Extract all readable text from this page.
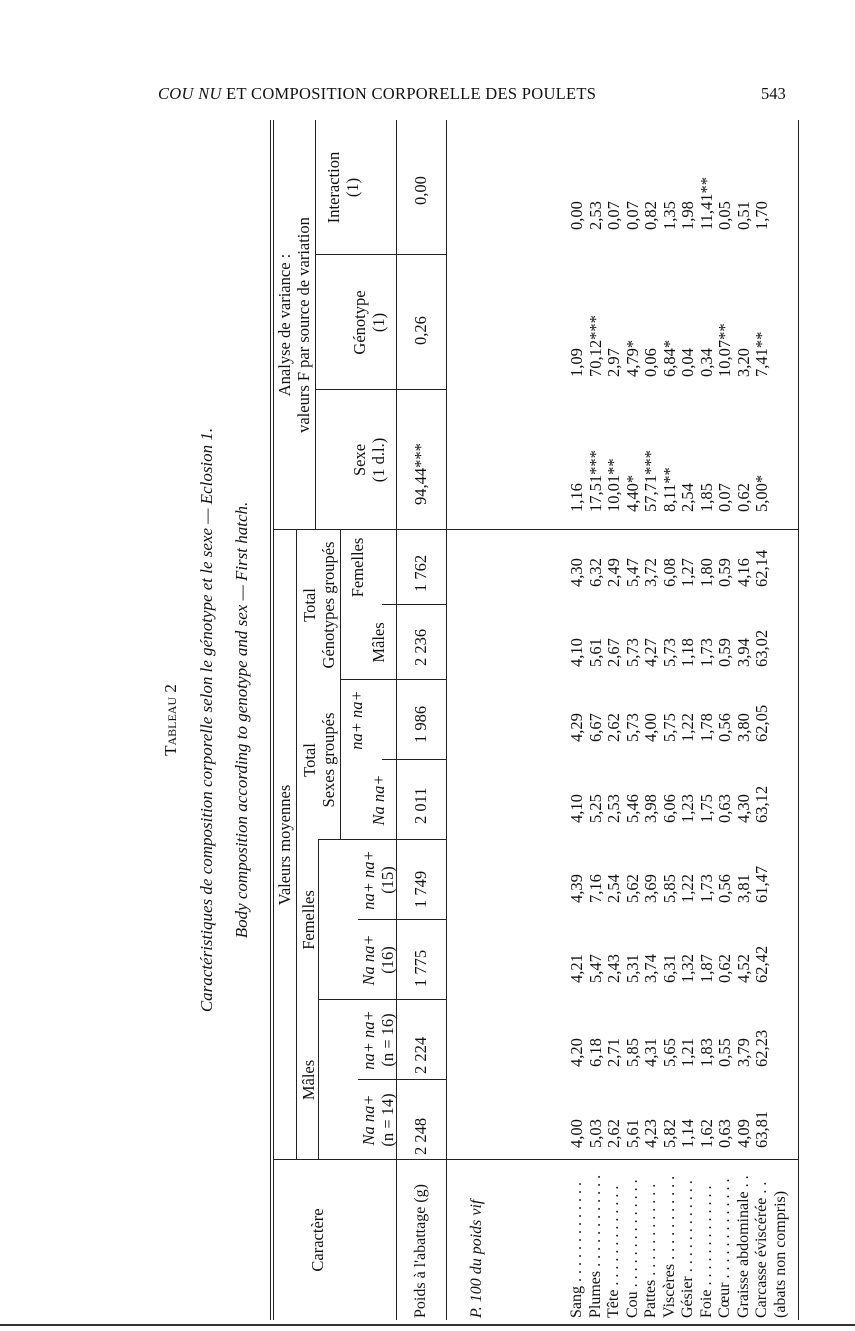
COU NU ET COMPOSITION CORPORELLE DES POULETS	543
Tableau 2 Caractéristiques de composition corporelle selon le génotype et le sexe — Eclosion 1. Body composition according to genotype and sex — First hatch.
Caractère
Valeurs moyennes
Mâles
Femelles
Total Sexes groupés
Total Génotypes groupés
Analyse de variance : valeurs F par source de variation
Na na+ (n = 14)
na+ na+ (n = 16)
Na na+ (16)
na+ na+ (15)
Na na+
na+ na+
Mâles
Femelles
Sexe (1 d.l.)
Génotype (1)
Interaction (1)
Poids à l'abattage (g)
2 248
2 224
1 775
1 749
2 011
1 986
2 236
1 762
94,44***
0,26
0,00
P. 100 du poids vif	Sang . . . . . . . . . . . . . Plumes . . . . . . . . . . . . Tête . . . . . . . . . . . . . Cou . . . . . . . . . . . . . . Pattes . . . . . . . . . . . . Viscères . . . . . . . . . . . Gésier . . . . . . . . . . . . Foie . . . . . . . . . . . . . Cœur . . . . . . . . . . . . . Graisse abdominale . . Carcasse éviscérée . . (abats non compris)
4,00 5,03 2,62 5,61 4,23 5,82 1,14 1,62 0,63 4,09 63,81
4,20 6,18 2,71 5,85 4,31 5,65 1,21 1,83 0,55 3,79 62,23
4,21 5,47 2,43 5,31 3,74 6,31 1,32 1,87 0,62 4,52 62,42
4,39 7,16 2,54 5,62 3,69 5,85 1,22 1,73 0,56 3,81 61,47
4,10 5,25 2,53 5,46 3,98 6,06 1,23 1,75 0,63 4,30 63,12
4,29 6,67 2,62 5,73 4,00 5,75 1,22 1,78 0,56 3,80 62,05
4,10 5,61 2,67 5,73 4,27 5,73 1,18 1,73 0,59 3,94 63,02
4,30 6,32 2,49 5,47 3,72 6,08 1,27 1,80 0,59 4,16 62,14
1,16 17,51*** 10,01** 4,40* 57,71*** 8,11** 2,54 1,85 0,07 0,62 5,00*
1,09 70,12*** 2,97 4,79* 0,06 6,84* 0,04 0,34 10,07** 3,20 7,41**
0,00 2,53 0,07 0,07 0,82 1,35 1,98 11,41** 0,05 0,51 1,70
